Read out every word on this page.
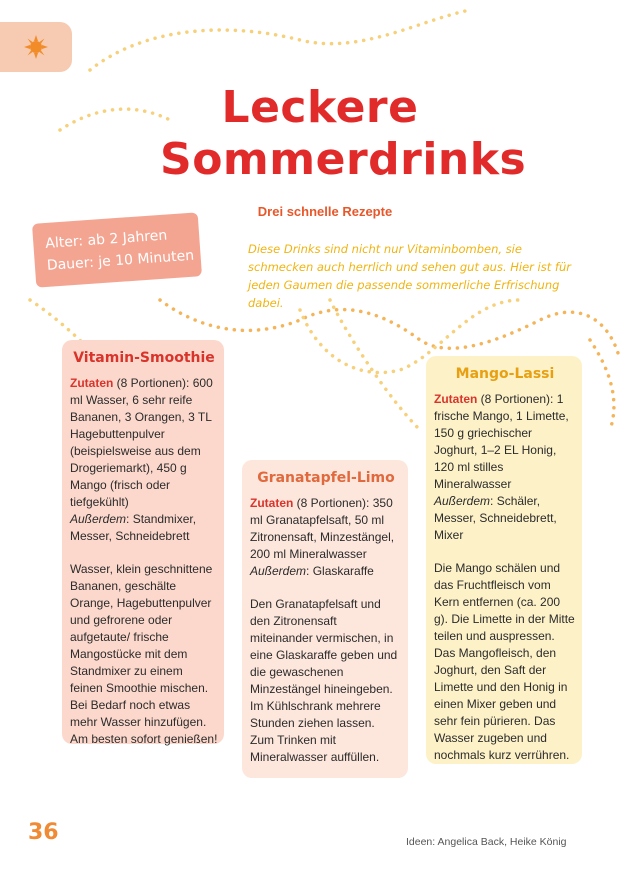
Leckere
Sommerdrinks
Drei schnelle Rezepte
Alter: ab 2 Jahren
Dauer: je 10 Minuten	Diese Drinks sind nicht nur Vitaminbomben, sie schmecken auch herrlich und sehen gut aus. Hier ist für jeden Gaumen die passende sommerliche Erfrischung dabei.
Vitamin-Smoothie

Zutaten (8 Portionen): 600 ml Wasser, 6 sehr reife Bananen, 3 Orangen, 3 TL Hagebuttenpulver (beispielsweise aus dem Drogeriemarkt), 450 g Mango (frisch oder tiefgekühlt)

Außerdem: Standmixer, Messer, Schneidebrett

Wasser, klein geschnittene Bananen, geschälte Orange, Hagebuttenpulver und gefrorene oder aufgetaute/ frische Mangostücke mit dem Standmixer zu einem feinen Smoothie mischen. Bei Bedarf noch etwas mehr Wasser hinzufügen. Am besten sofort genießen!

Granatapfel-Limo

Zutaten (8 Portionen): 350 ml Granatapfelsaft, 50 ml Zitronensaft, Minzestängel, 200 ml Mineralwasser

Außerdem: Glaskaraffe

Den Granatapfelsaft und den Zitronensaft miteinander vermischen, in eine Glaskaraffe geben und die gewaschenen Minzestängel hineingeben. Im Kühlschrank mehrere Stunden ziehen lassen. Zum Trinken mit Mineralwasser auffüllen.

Mango-Lassi

Zutaten (8 Portionen): 1 frische Mango, 1 Limette, 150 g griechischer Joghurt, 1–2 EL Honig, 120 ml stilles Mineralwasser

Außerdem: Schäler, Messer, Schneidebrett, Mixer

Die Mango schälen und das Fruchtfleisch vom Kern entfernen (ca. 200 g). Die Limette in der Mitte teilen und auspressen. Das Mangofleisch, den Joghurt, den Saft der Limette und den Honig in einen Mixer geben und sehr fein pürieren. Das Wasser zugeben und nochmals kurz verrühren.

36	Ideen: Angelica Back, Heike König
